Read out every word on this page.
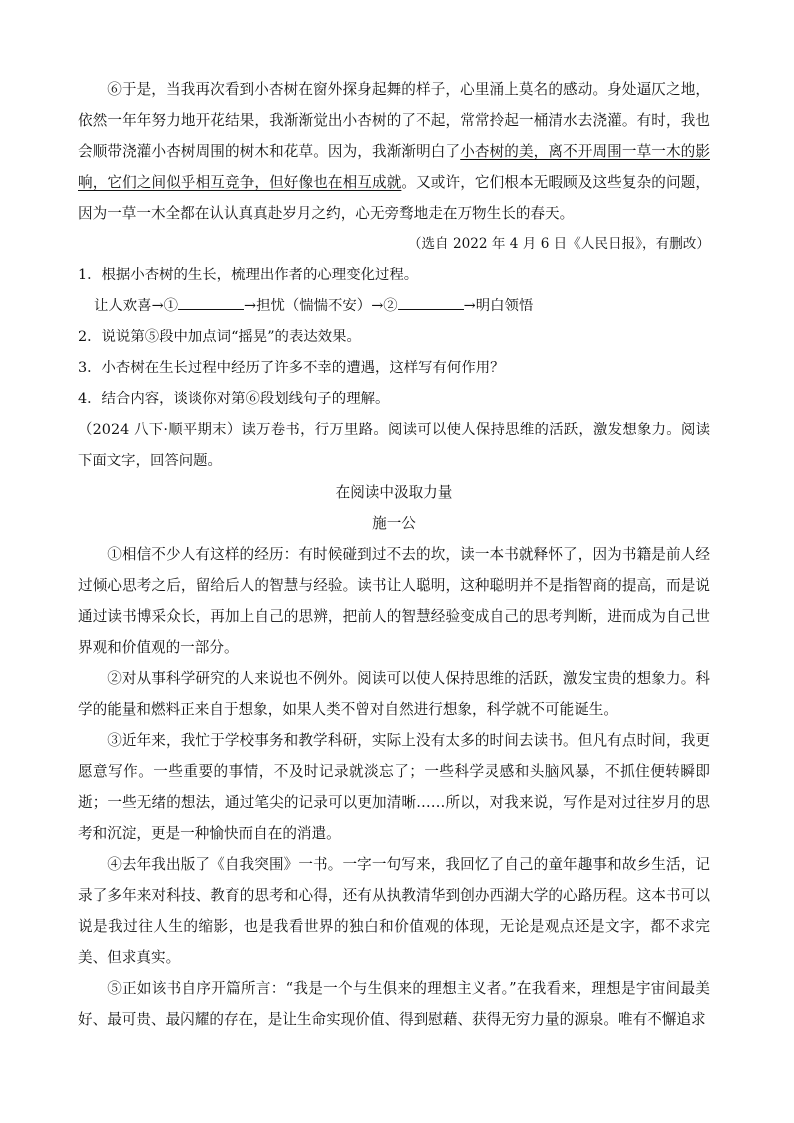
⑥于是，当我再次看到小杏树在窗外探身起舞的样子，心里涌上莫名的感动。身处逼仄之地，依然一年年努力地开花结果，我渐渐觉出小杏树的了不起，常常拎起一桶清水去浇灌。有时，我也会顺带浇灌小杏树周围的树木和花草。因为，我渐渐明白了小杏树的美，离不开周围一草一木的影响，它们之间似乎相互竞争，但好像也在相互成就。又或许，它们根本无暇顾及这些复杂的问题，因为一草一木全都在认认真真赴岁月之约，心无旁骛地走在万物生长的春天。

（选自 2022 年 4 月 6 日《人民日报》，有删改）

1．根据小杏树的生长，梳理出作者的心理变化过程。

让人欢喜→①	→担忧（惴惴不安）→②	→明白领悟

2．说说第⑤段中加点词“摇晃”的表达效果。

3．小杏树在生长过程中经历了许多不幸的遭遇，这样写有何作用？

4．结合内容，谈谈你对第⑥段划线句子的理解。

（2024 八下·顺平期末）读万卷书，行万里路。阅读可以使人保持思维的活跃，激发想象力。阅读下面文字，回答问题。

在阅读中汲取力量

施一公

①相信不少人有这样的经历：有时候碰到过不去的坎，读一本书就释怀了，因为书籍是前人经过倾心思考之后，留给后人的智慧与经验。读书让人聪明，这种聪明并不是指智商的提高，而是说通过读书博采众长，再加上自己的思辨，把前人的智慧经验变成自己的思考判断，进而成为自己世界观和价值观的一部分。

②对从事科学研究的人来说也不例外。阅读可以使人保持思维的活跃，激发宝贵的想象力。科学的能量和燃料正来自于想象，如果人类不曾对自然进行想象，科学就不可能诞生。

③近年来，我忙于学校事务和教学科研，实际上没有太多的时间去读书。但凡有点时间，我更愿意写作。一些重要的事情，不及时记录就淡忘了；一些科学灵感和头脑风暴，不抓住便转瞬即逝；一些无绪的想法，通过笔尖的记录可以更加清晰……所以，对我来说，写作是对过往岁月的思考和沉淀，更是一种愉快而自在的消遣。

④去年我出版了《自我突围》一书。一字一句写来，我回忆了自己的童年趣事和故乡生活，记录了多年来对科技、教育的思考和心得，还有从执教清华到创办西湖大学的心路历程。这本书可以说是我过往人生的缩影，也是我看世界的独白和价值观的体现，无论是观点还是文字，都不求完美、但求真实。

⑤正如该书自序开篇所言：“我是一个与生俱来的理想主义者。”在我看来，理想是宇宙间最美好、最可贵、最闪耀的存在，是让生命实现价值、得到慰藉、获得无穷力量的源泉。唯有不懈追求
